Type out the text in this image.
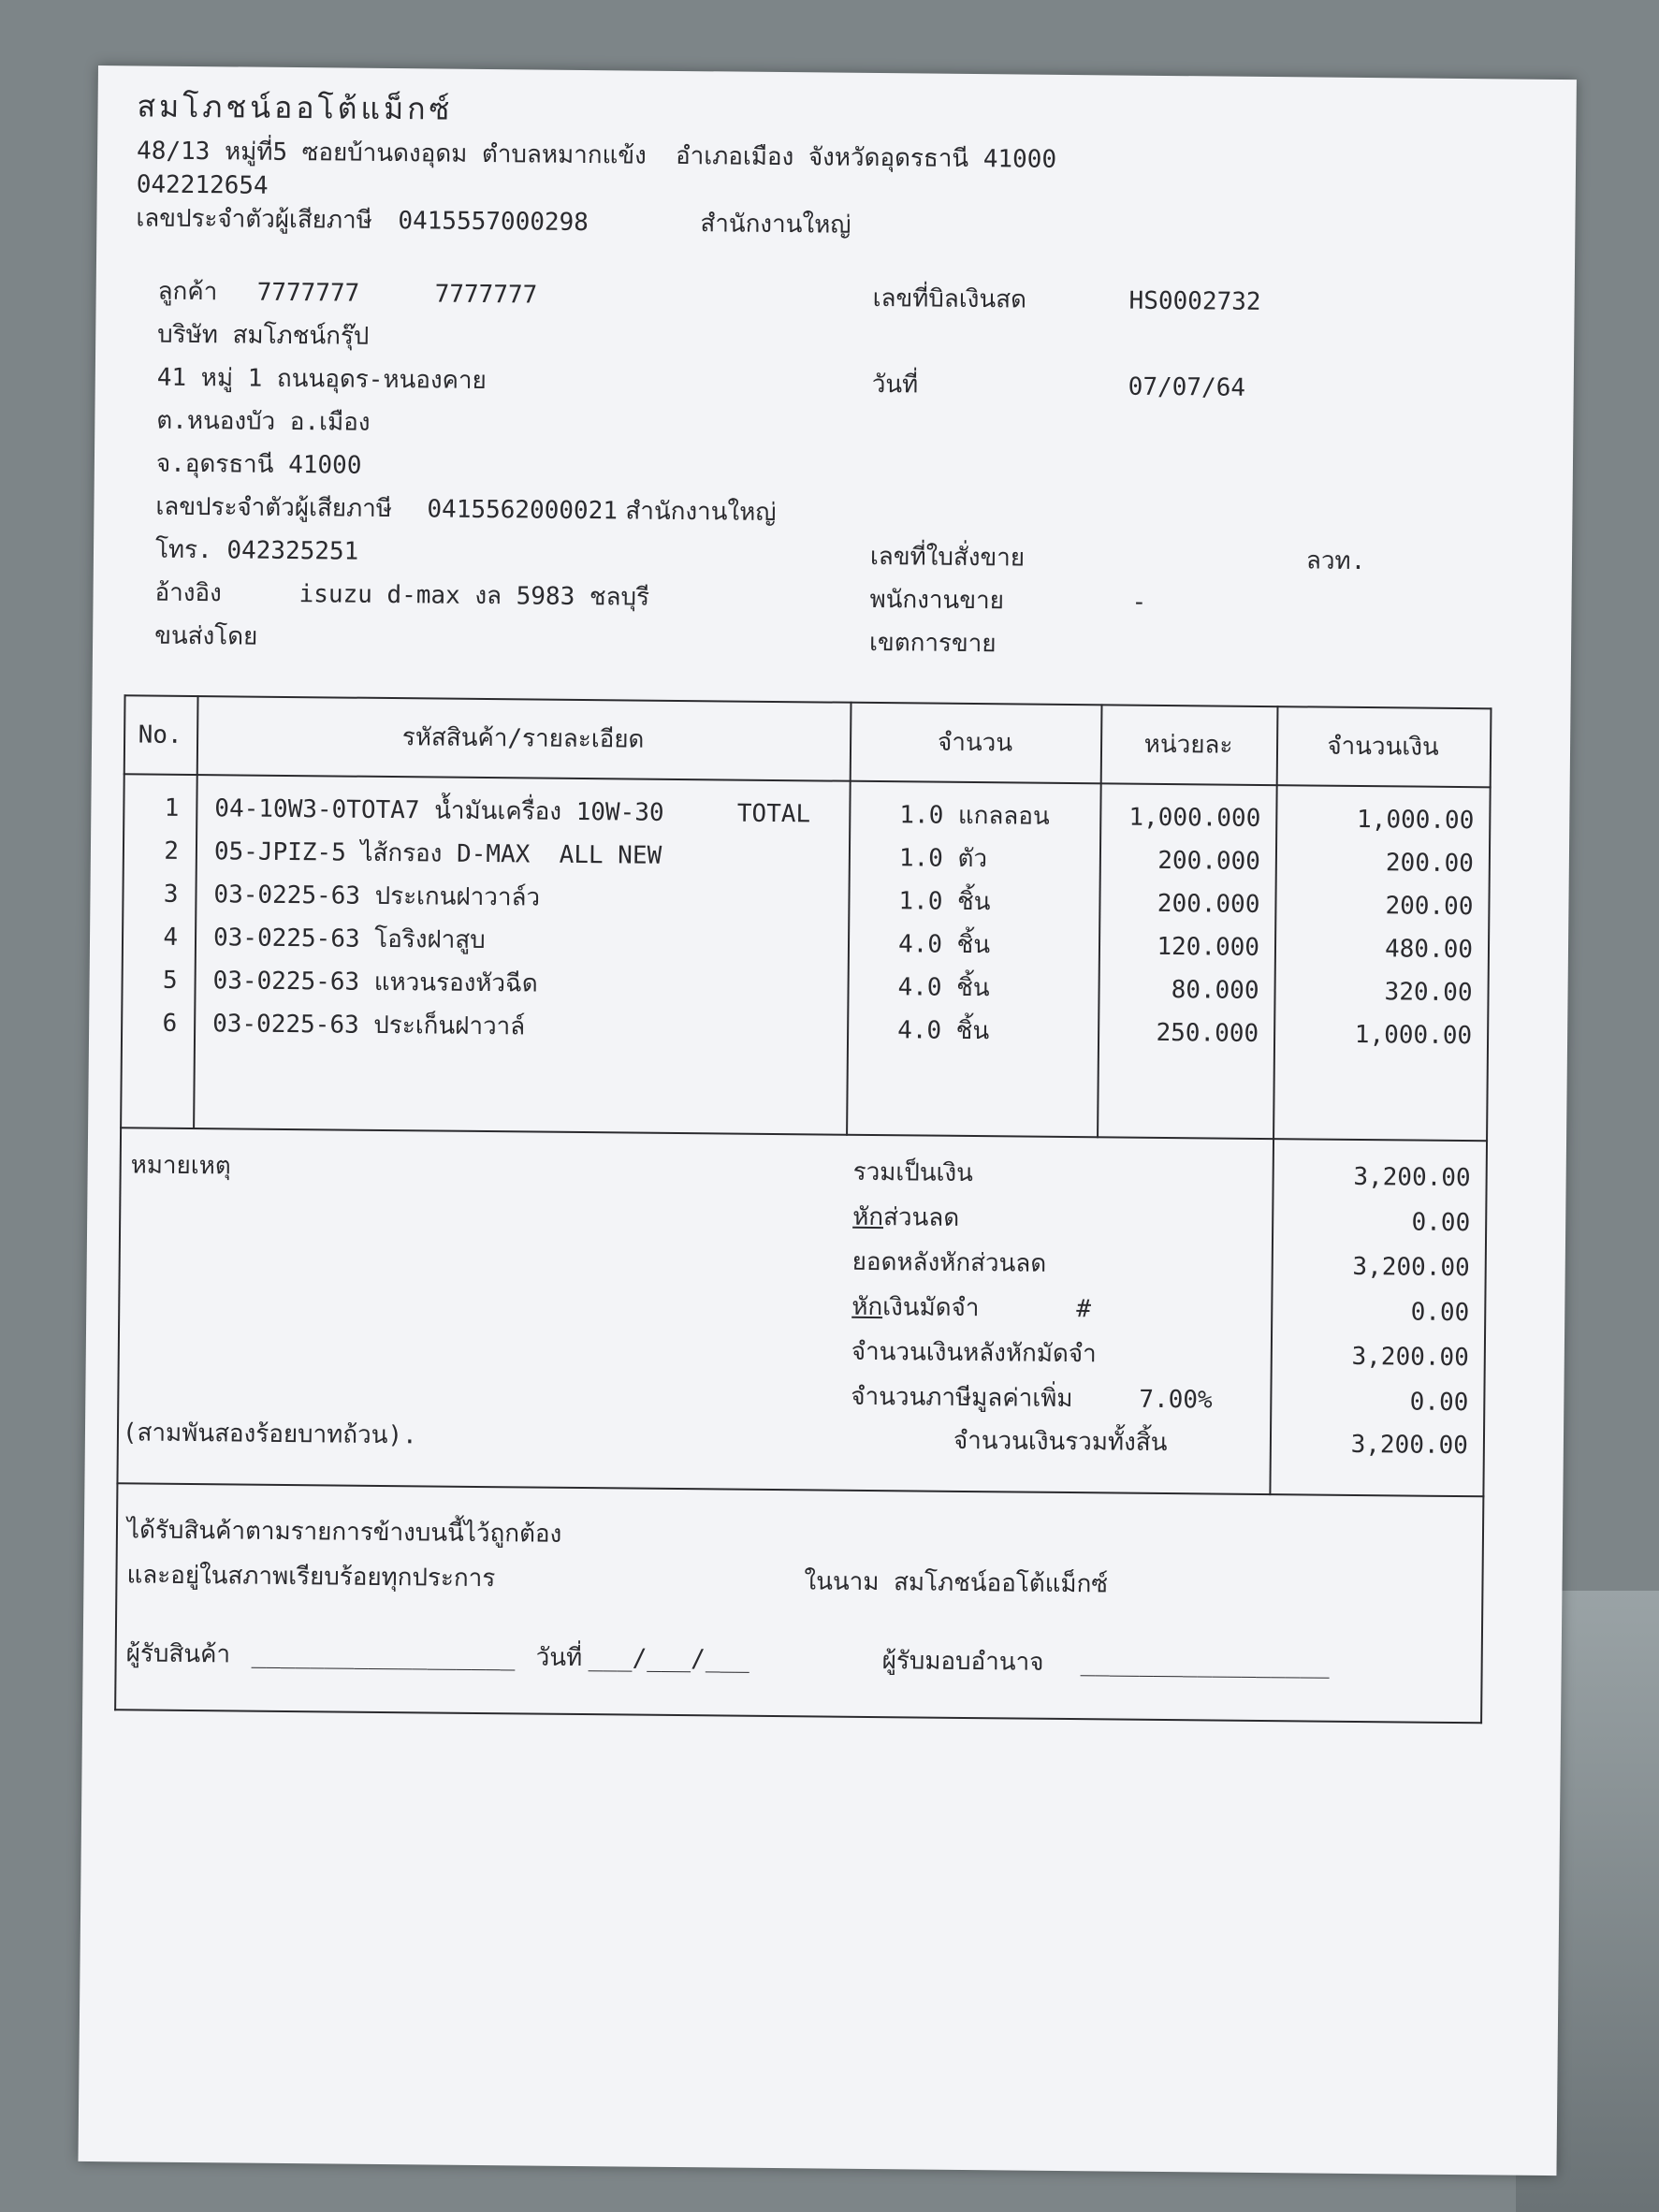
สมโภชน์ออโต้แม็กซ์
48/13 หมู่ที่5 ซอยบ้านดงอุดม ตำบลหมากแข้ง  อำเภอเมือง จังหวัดอุดรธานี 41000
042212654
เลขประจำตัวผู้เสียภาษี 0415557000298	สำนักงานใหญ่
ลูกค้า 7777777	7777777
บริษัท สมโภชน์กรุ๊ป
41 หมู่ 1 ถนนอุดร-หนองคาย
ต.หนองบัว อ.เมือง
จ.อุดรธานี 41000
เลขประจำตัวผู้เสียภาษี 0415562000021 สำนักงานใหญ่
โทร. 042325251
อ้างอิง	isuzu d-max งล 5983 ชลบุรี
ขนส่งโดย
เลขที่บิลเงินสด	HS0002732
วันที่	07/07/64
เลขที่ใบสั่งขาย	ลวท.
พนักงานขาย	-
เขตการขาย
No.	รหัสสินค้า/รายละเอียด	จำนวน	หน่วยละ	จำนวนเงิน
1 04-10W3-0TOTA7 น้ำมันเครื่อง 10W-30     TOTAL	1.0 แกลลอน	1,000.000	1,000.00
2 05-JPIZ-5 ไส้กรอง D-MAX  ALL NEW	1.0 ตัว	200.000	200.00
3 03-0225-63 ประเกนฝาวาล์ว	1.0 ชิ้น	200.000	200.00
4 03-0225-63 โอริงฝาสูบ	4.0 ชิ้น	120.000	480.00
5 03-0225-63 แหวนรองหัวฉีด	4.0 ชิ้น	80.000	320.00
6 03-0225-63 ประเก็นฝาวาล์	4.0 ชิ้น	250.000	1,000.00
หมายเหตุ
(สามพันสองร้อยบาทถ้วน).
รวมเป็นเงิน	3,200.00
หักส่วนลด	0.00
ยอดหลังหักส่วนลด	3,200.00
หักเงินมัดจำ	#	0.00
จำนวนเงินหลังหักมัดจำ	3,200.00
จำนวนภาษีมูลค่าเพิ่ม	7.00%	0.00
จำนวนเงินรวมทั้งสิ้น	3,200.00
ได้รับสินค้าตามรายการข้างบนนี้ไว้ถูกต้อง
และอยู่ในสภาพเรียบร้อยทุกประการ	ในนาม สมโภชน์ออโต้แม็กซ์
ผู้รับสินค้า __________________ วันที่ ___/___/___	ผู้รับมอบอำนาจ _________________
